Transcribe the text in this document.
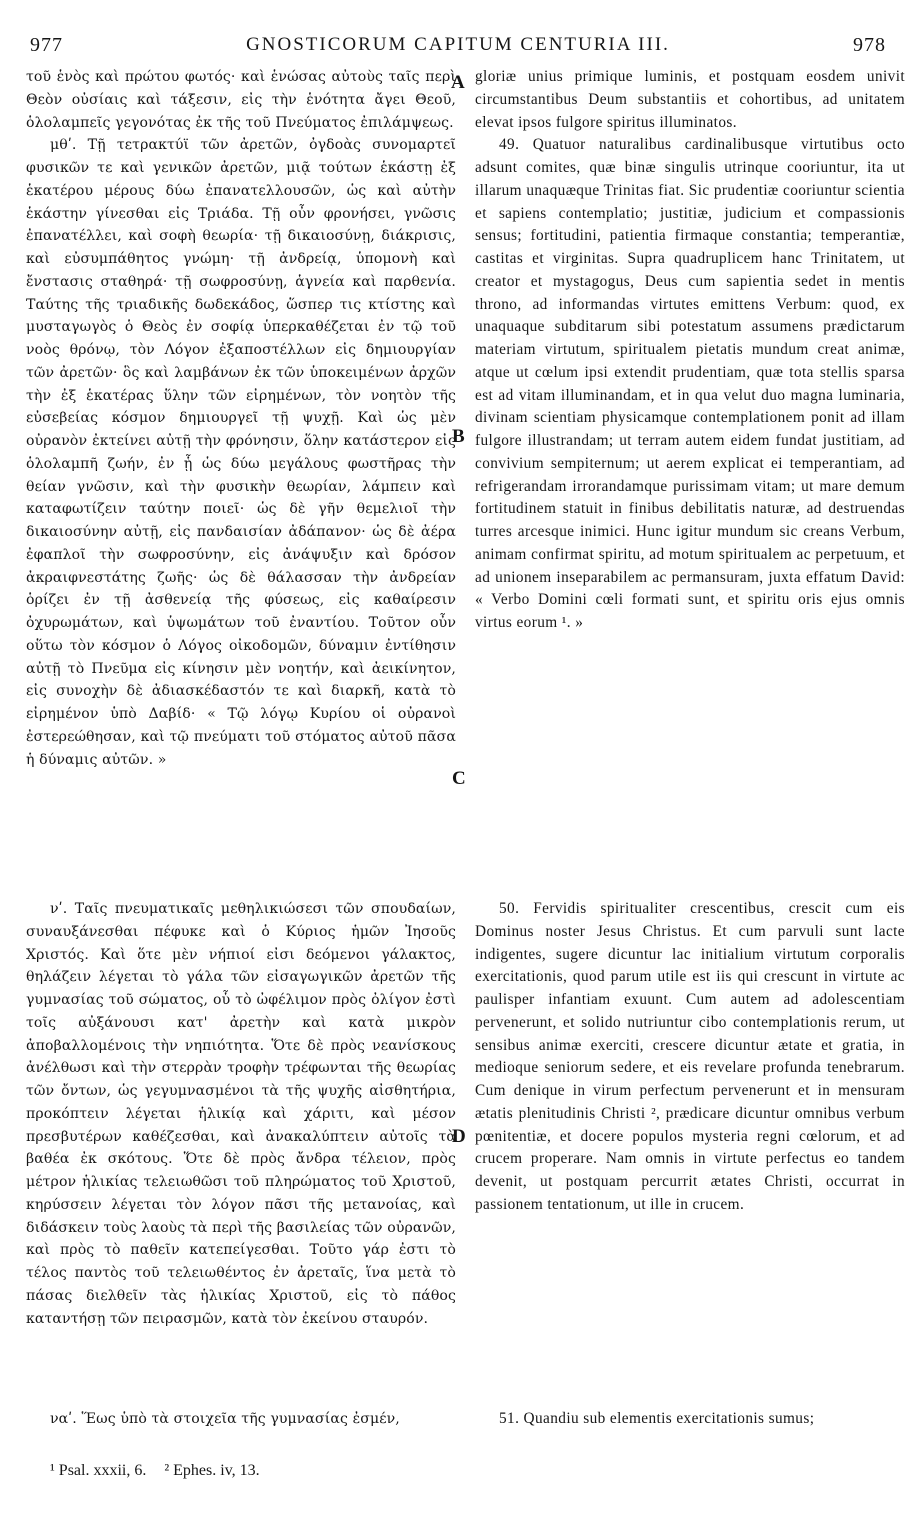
977	GNOSTICORUM CAPITUM CENTURIA III.	978

τοῦ ἑνὸς καὶ πρώτου φωτός· καὶ ἑνώσας αὐτοὺς ταῖς περὶ Θεὸν οὐσίαις καὶ τάξεσιν, εἰς τὴν ἑνότητα ἄγει Θεοῦ, ὁλολαμπεῖς γεγονότας ἐκ τῆς τοῦ Πνεύματος ἐπιλάμψεως.

μθʹ. Τῇ τετρακτύϊ τῶν ἀρετῶν, ὀγδοὰς συνομαρτεῖ φυσικῶν τε καὶ γενικῶν ἀρετῶν, μιᾷ τούτων ἑκάστῃ ἐξ ἑκατέρου μέρους δύω ἐπανατελλουσῶν, ὡς καὶ αὐτὴν ἑκάστην γίνεσθαι εἰς Τριάδα. Τῇ οὖν φρονήσει, γνῶσις ἐπανατέλλει, καὶ σοφὴ θεωρία· τῇ δικαιοσύνῃ, διάκρισις, καὶ εὐσυμπάθητος γνώμη· τῇ ἀνδρείᾳ, ὑπομονὴ καὶ ἔνστασις σταθηρά· τῇ σωφροσύνῃ, ἁγνεία καὶ παρθενία. Ταύτης τῆς τριαδικῆς δωδεκάδος, ὥσπερ τις κτίστης καὶ μυσταγωγὸς ὁ Θεὸς ἐν σοφίᾳ ὑπερκαθέζεται ἐν τῷ τοῦ νοὸς θρόνῳ, τὸν Λόγον ἐξαποστέλλων εἰς δημιουργίαν τῶν ἀρετῶν· ὃς καὶ λαμβάνων ἐκ τῶν ὑποκειμένων ἀρχῶν τὴν ἐξ ἑκατέρας ὕλην τῶν εἰρημένων, τὸν νοητὸν τῆς εὐσεβείας κόσμον δημιουργεῖ τῇ ψυχῇ. Καὶ ὡς μὲν οὐρανὸν ἐκτείνει αὐτῇ τὴν φρόνησιν, ὅλην κατάστερον εἰς ὁλολαμπῆ ζωήν, ἐν ᾗ ὡς δύω μεγάλους φωστῆρας τὴν θείαν γνῶσιν, καὶ τὴν φυσικὴν θεωρίαν, λάμπειν καὶ καταφωτίζειν ταύτην ποιεῖ· ὡς δὲ γῆν θεμελιοῖ τὴν δικαιοσύνην αὐτῇ, εἰς πανδαισίαν ἀδάπανον· ὡς δὲ ἀέρα ἐφαπλοῖ τὴν σωφροσύνην, εἰς ἀνάψυξιν καὶ δρόσον ἀκραιφνεστάτης ζωῆς· ὡς δὲ θάλασσαν τὴν ἀνδρείαν ὁρίζει ἐν τῇ ἀσθενείᾳ τῆς φύσεως, εἰς καθαίρεσιν ὀχυρωμάτων, καὶ ὑψωμάτων τοῦ ἐναντίου. Τοῦτον οὖν οὕτω τὸν κόσμον ὁ Λόγος οἰκοδομῶν, δύναμιν ἐντίθησιν αὐτῇ τὸ Πνεῦμα εἰς κίνησιν μὲν νοητήν, καὶ ἀεικίνητον, εἰς συνοχὴν δὲ ἀδιασκέδαστόν τε καὶ διαρκῆ, κατὰ τὸ εἰρημένον ὑπὸ Δαβίδ· « Τῷ λόγῳ Κυρίου οἱ οὐρανοὶ ἐστερεώθησαν, καὶ τῷ πνεύματι τοῦ στόματος αὐτοῦ πᾶσα ἡ δύναμις αὐτῶν. »

νʹ. Ταῖς πνευματικαῖς μεθηλικιώσεσι τῶν σπουδαίων, συναυξάνεσθαι πέφυκε καὶ ὁ Κύριος ἡμῶν Ἰησοῦς Χριστός. Καὶ ὅτε μὲν νήπιοί εἰσι δεόμενοι γάλακτος, θηλάζειν λέγεται τὸ γάλα τῶν εἰσαγωγικῶν ἀρετῶν τῆς γυμνασίας τοῦ σώματος, οὗ τὸ ὠφέλιμον πρὸς ὀλίγον ἐστὶ τοῖς αὐξάνουσι κατ' ἀρετὴν καὶ κατὰ μικρὸν ἀποβαλλομένοις τὴν νηπιότητα. Ὅτε δὲ πρὸς νεανίσκους ἀνέλθωσι καὶ τὴν στερρὰν τροφὴν τρέφωνται τῆς θεωρίας τῶν ὄντων, ὡς γεγυμνασμένοι τὰ τῆς ψυχῆς αἰσθητήρια, προκόπτειν λέγεται ἡλικίᾳ καὶ χάριτι, καὶ μέσον πρεσβυτέρων καθέζεσθαι, καὶ ἀνακαλύπτειν αὐτοῖς τὰ βαθέα ἐκ σκότους. Ὅτε δὲ πρὸς ἄνδρα τέλειον, πρὸς μέτρον ἡλικίας τελειωθῶσι τοῦ πληρώματος τοῦ Χριστοῦ, κηρύσσειν λέγεται τὸν λόγον πᾶσι τῆς μετανοίας, καὶ διδάσκειν τοὺς λαοὺς τὰ περὶ τῆς βασιλείας τῶν οὐρανῶν, καὶ πρὸς τὸ παθεῖν κατεπείγεσθαι. Τοῦτο γάρ ἐστι τὸ τέλος παντὸς τοῦ τελειωθέντος ἐν ἀρεταῖς, ἵνα μετὰ τὸ πάσας διελθεῖν τὰς ἡλικίας Χριστοῦ, εἰς τὸ πάθος καταντήσῃ τῶν πειρασμῶν, κατὰ τὸν ἐκείνου σταυρόν.

ναʹ. Ἕως ὑπὸ τὰ στοιχεῖα τῆς γυμνασίας ἐσμέν,

A
B
C
D

gloriæ unius primique luminis, et postquam eosdem univit circumstantibus Deum substantiis et cohortibus, ad unitatem elevat ipsos fulgore spiritus illuminatos.

49. Quatuor naturalibus cardinalibusque virtutibus octo adsunt comites, quæ binæ singulis utrinque cooriuntur, ita ut illarum unaquæque Trinitas fiat. Sic prudentiæ cooriuntur scientia et sapiens contemplatio; justitiæ, judicium et compassionis sensus; fortitudini, patientia firmaque constantia; temperantiæ, castitas et virginitas. Supra quadruplicem hanc Trinitatem, ut creator et mystagogus, Deus cum sapientia sedet in mentis throno, ad informandas virtutes emittens Verbum: quod, ex unaquaque subditarum sibi potestatum assumens prædictarum materiam virtutum, spiritualem pietatis mundum creat animæ, atque ut cœlum ipsi extendit prudentiam, quæ tota stellis sparsa est ad vitam illuminandam, et in qua velut duo magna luminaria, divinam scientiam physicamque contemplationem ponit ad illam fulgore illustrandam; ut terram autem eidem fundat justitiam, ad convivium sempiternum; ut aerem explicat ei temperantiam, ad refrigerandam irrorandamque purissimam vitam; ut mare demum fortitudinem statuit in finibus debilitatis naturæ, ad destruendas turres arcesque inimici. Hunc igitur mundum sic creans Verbum, animam confirmat spiritu, ad motum spiritualem ac perpetuum, et ad unionem inseparabilem ac permansuram, juxta effatum David: « Verbo Domini cœli formati sunt, et spiritu oris ejus omnis virtus eorum ¹. »

50. Fervidis spiritualiter crescentibus, crescit cum eis Dominus noster Jesus Christus. Et cum parvuli sunt lacte indigentes, sugere dicuntur lac initialium virtutum corporalis exercitationis, quod parum utile est iis qui crescunt in virtute ac paulisper infantiam exuunt. Cum autem ad adolescentiam pervenerunt, et solido nutriuntur cibo contemplationis rerum, ut sensibus animæ exerciti, crescere dicuntur ætate et gratia, in medioque seniorum sedere, et eis revelare profunda tenebrarum. Cum denique in virum perfectum pervenerunt et in mensuram ætatis plenitudinis Christi ², prædicare dicuntur omnibus verbum pœnitentiæ, et docere populos mysteria regni cœlorum, et ad crucem properare. Nam omnis in virtute perfectus eo tandem devenit, ut postquam percurrit ætates Christi, occurrat in passionem tentationum, ut ille in crucem.

51. Quandiu sub elementis exercitationis sumus;

¹ Psal. xxxii, 6. ² Ephes. iv, 13.
